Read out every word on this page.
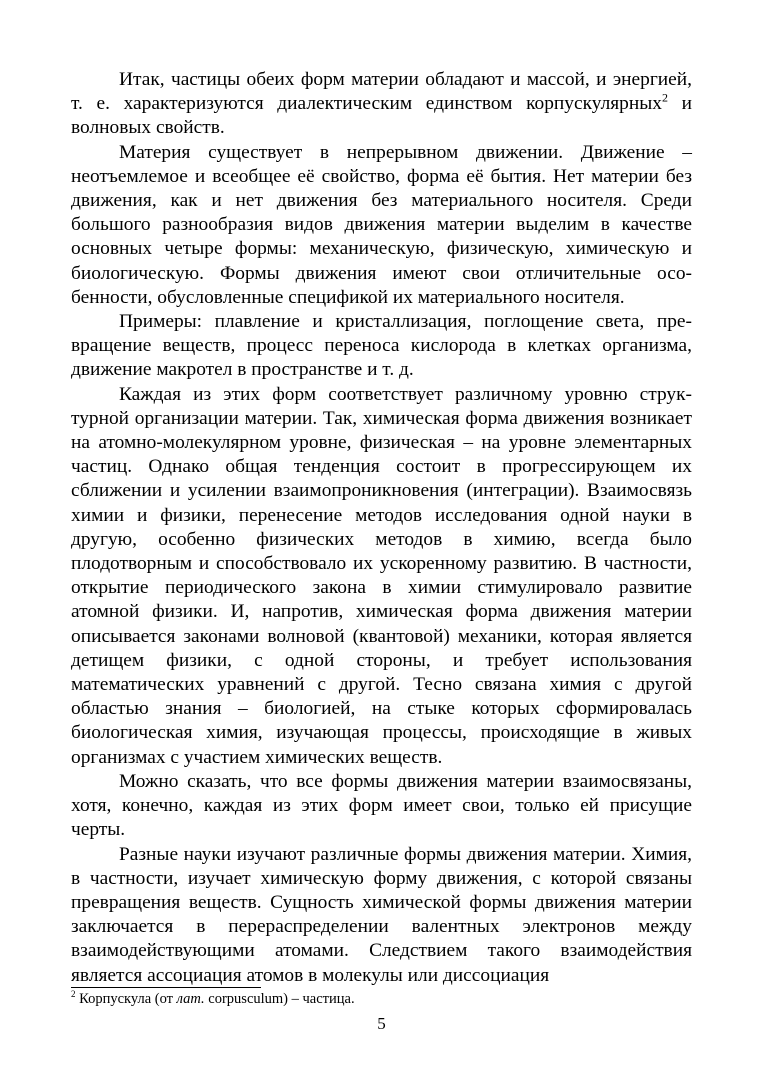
Итак, частицы обеих форм материи обладают и массой, и энергией, т. е. характеризуются диалектическим единством корпускулярных$^2$ и волновых свойств.

Материя существует в непрерывном движении. Движение – неотъемлемое и всеобщее её свойство, форма её бытия. Нет материи без движения, как и нет движения без материального носителя. Среди большого разнообразия видов движения материи выделим в качестве основных четыре формы: механическую, физическую, химическую и биологическую. Формы движения имеют свои отличительные особенности, обусловленные спецификой их материального носителя.

Примеры: плавление и кристаллизация, поглощение света, превращение веществ, процесс переноса кислорода в клетках организма, движение макротел в пространстве и т. д.

Каждая из этих форм соответствует различному уровню структурной организации материи. Так, химическая форма движения возникает на атомно-молекулярном уровне, физическая – на уровне элементарных частиц. Однако общая тенденция состоит в прогрессирующем их сближении и усилении взаимопроникновения (интеграции). Взаимосвязь химии и физики, перенесение методов исследования одной науки в другую, особенно физических методов в химию, всегда было плодотворным и способствовало их ускоренному развитию. В частности, открытие периодического закона в химии стимулировало развитие атомной физики. И, напротив, химическая форма движения материи описывается законами волновой (квантовой) механики, которая является детищем физики, с одной стороны, и требует использования математических уравнений с другой. Тесно связана химия с другой областью знания – биологией, на стыке которых сформировалась биологическая химия, изучающая процессы, происходящие в живых организмах с участием химических веществ.

Можно сказать, что все формы движения материи взаимосвязаны, хотя, конечно, каждая из этих форм имеет свои, только ей присущие черты.

Разные науки изучают различные формы движения материи. Химия, в частности, изучает химическую форму движения, с которой связаны превращения веществ. Сущность химической формы движения материи заключается в перераспределении валентных электронов между взаимодействующими атомами. Следствием такого взаимодействия является ассоциация атомов в молекулы или диссоциация

$^2$ Корпускула (от лат. corpusculum) – частица.
5
